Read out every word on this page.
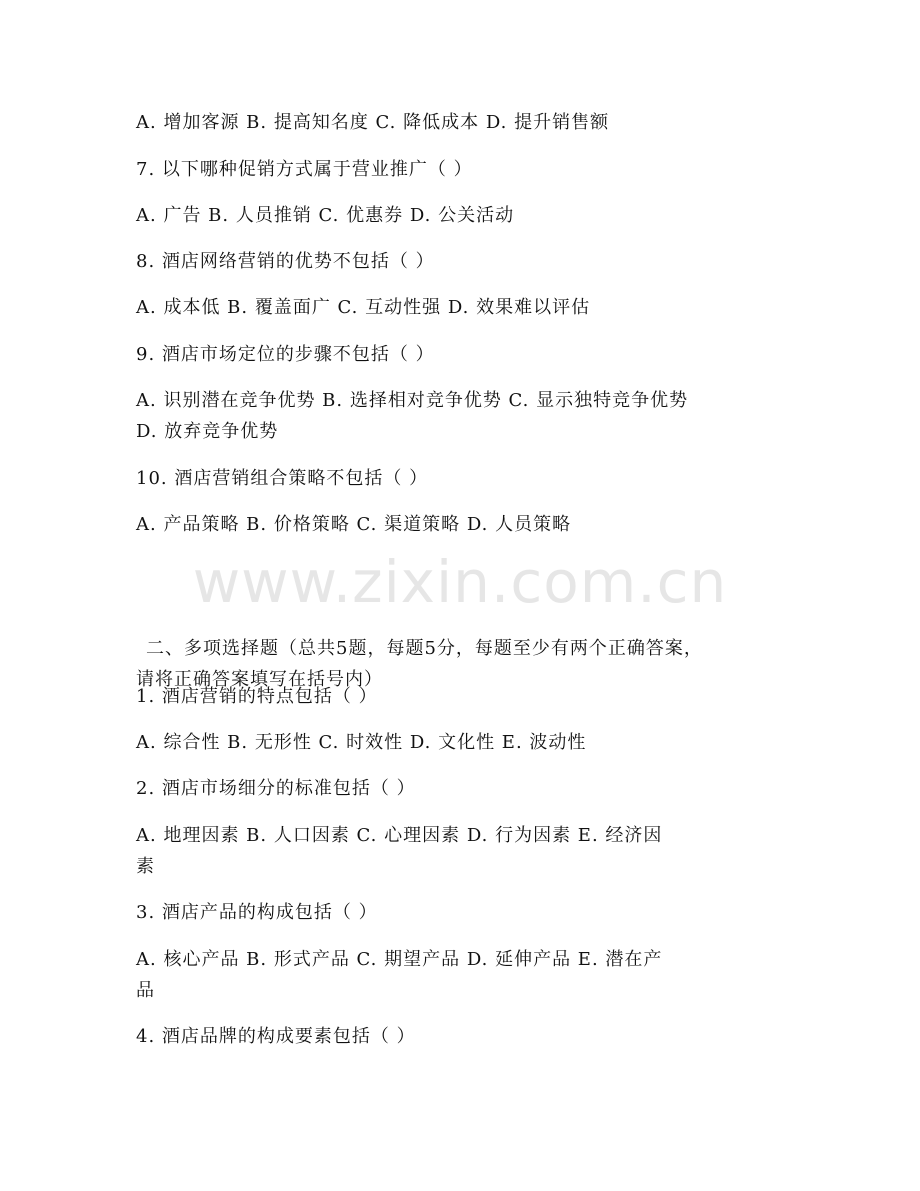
www.zixin.com.cn
A. 增加客源 B. 提高知名度 C. 降低成本 D. 提升销售额
7. 以下哪种促销方式属于营业推广（ ）
A. 广告 B. 人员推销 C. 优惠券 D. 公关活动
8. 酒店网络营销的优势不包括（ ）
A. 成本低 B. 覆盖面广 C. 互动性强 D. 效果难以评估
9. 酒店市场定位的步骤不包括（ ）
A. 识别潜在竞争优势 B. 选择相对竞争优势 C. 显示独特竞争优势
D. 放弃竞争优势
10. 酒店营销组合策略不包括（ ）
A. 产品策略 B. 价格策略 C. 渠道策略 D. 人员策略
二、多项选择题（总共5题，每题5分，每题至少有两个正确答案，
请将正确答案填写在括号内）
1. 酒店营销的特点包括（ ）
A. 综合性 B. 无形性 C. 时效性 D. 文化性 E. 波动性
2. 酒店市场细分的标准包括（ ）
A. 地理因素 B. 人口因素 C. 心理因素 D. 行为因素 E. 经济因
素
3. 酒店产品的构成包括（ ）
A. 核心产品 B. 形式产品 C. 期望产品 D. 延伸产品 E. 潜在产
品
4. 酒店品牌的构成要素包括（ ）
